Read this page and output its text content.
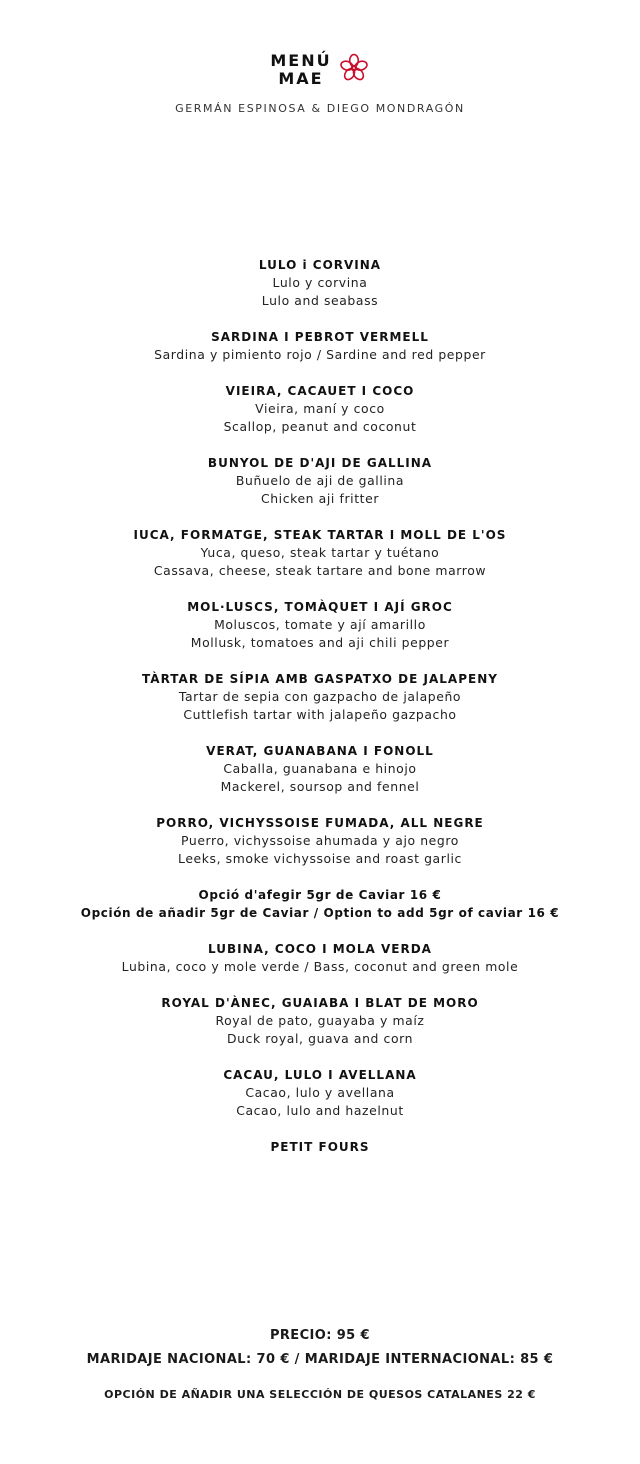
MENÚ
MAE
GERMÁN ESPINOSA & DIEGO MONDRAGÓN
LULO i CORVINA
Lulo y corvina
Lulo and seabass
SARDINA I PEBROT VERMELL
Sardina y pimiento rojo / Sardine and red pepper
VIEIRA, CACAUET I COCO
Vieira, maní y coco
Scallop, peanut and coconut
BUNYOL DE D'AJI DE GALLINA
Buñuelo de aji de gallina
Chicken aji fritter
IUCA, FORMATGE, STEAK TARTAR I MOLL DE L'OS
Yuca, queso, steak tartar y tuétano
Cassava, cheese, steak tartare and bone marrow
MOL·LUSCS, TOMÀQUET I AJÍ GROC
Moluscos, tomate y ají amarillo
Mollusk, tomatoes and aji chili pepper
TÀRTAR DE SÍPIA AMB GASPATXO DE JALAPENY
Tartar de sepia con gazpacho de jalapeño
Cuttlefish tartar with jalapeño gazpacho
VERAT, GUANABANA I FONOLL
Caballa, guanabana e hinojo
Mackerel, soursop and fennel
PORRO, VICHYSSOISE FUMADA, ALL NEGRE
Puerro, vichyssoise ahumada y ajo negro
Leeks, smoke vichyssoise and roast garlic
Opció d'afegir 5gr de Caviar 16 €
Opción de añadir 5gr de Caviar / Option to add 5gr of caviar 16 €
LUBINA, COCO I MOLA VERDA
Lubina, coco y mole verde / Bass, coconut and green mole
ROYAL D'ÀNEC, GUAIABA I BLAT DE MORO
Royal de pato, guayaba y maíz
Duck royal, guava and corn
CACAU, LULO I AVELLANA
Cacao, lulo y avellana
Cacao, lulo and hazelnut
PETIT FOURS
PRECIO: 95 €
MARIDAJE NACIONAL: 70 € / MARIDAJE INTERNACIONAL: 85 €
OPCIÓN DE AÑADIR UNA SELECCIÓN DE QUESOS CATALANES 22 €
